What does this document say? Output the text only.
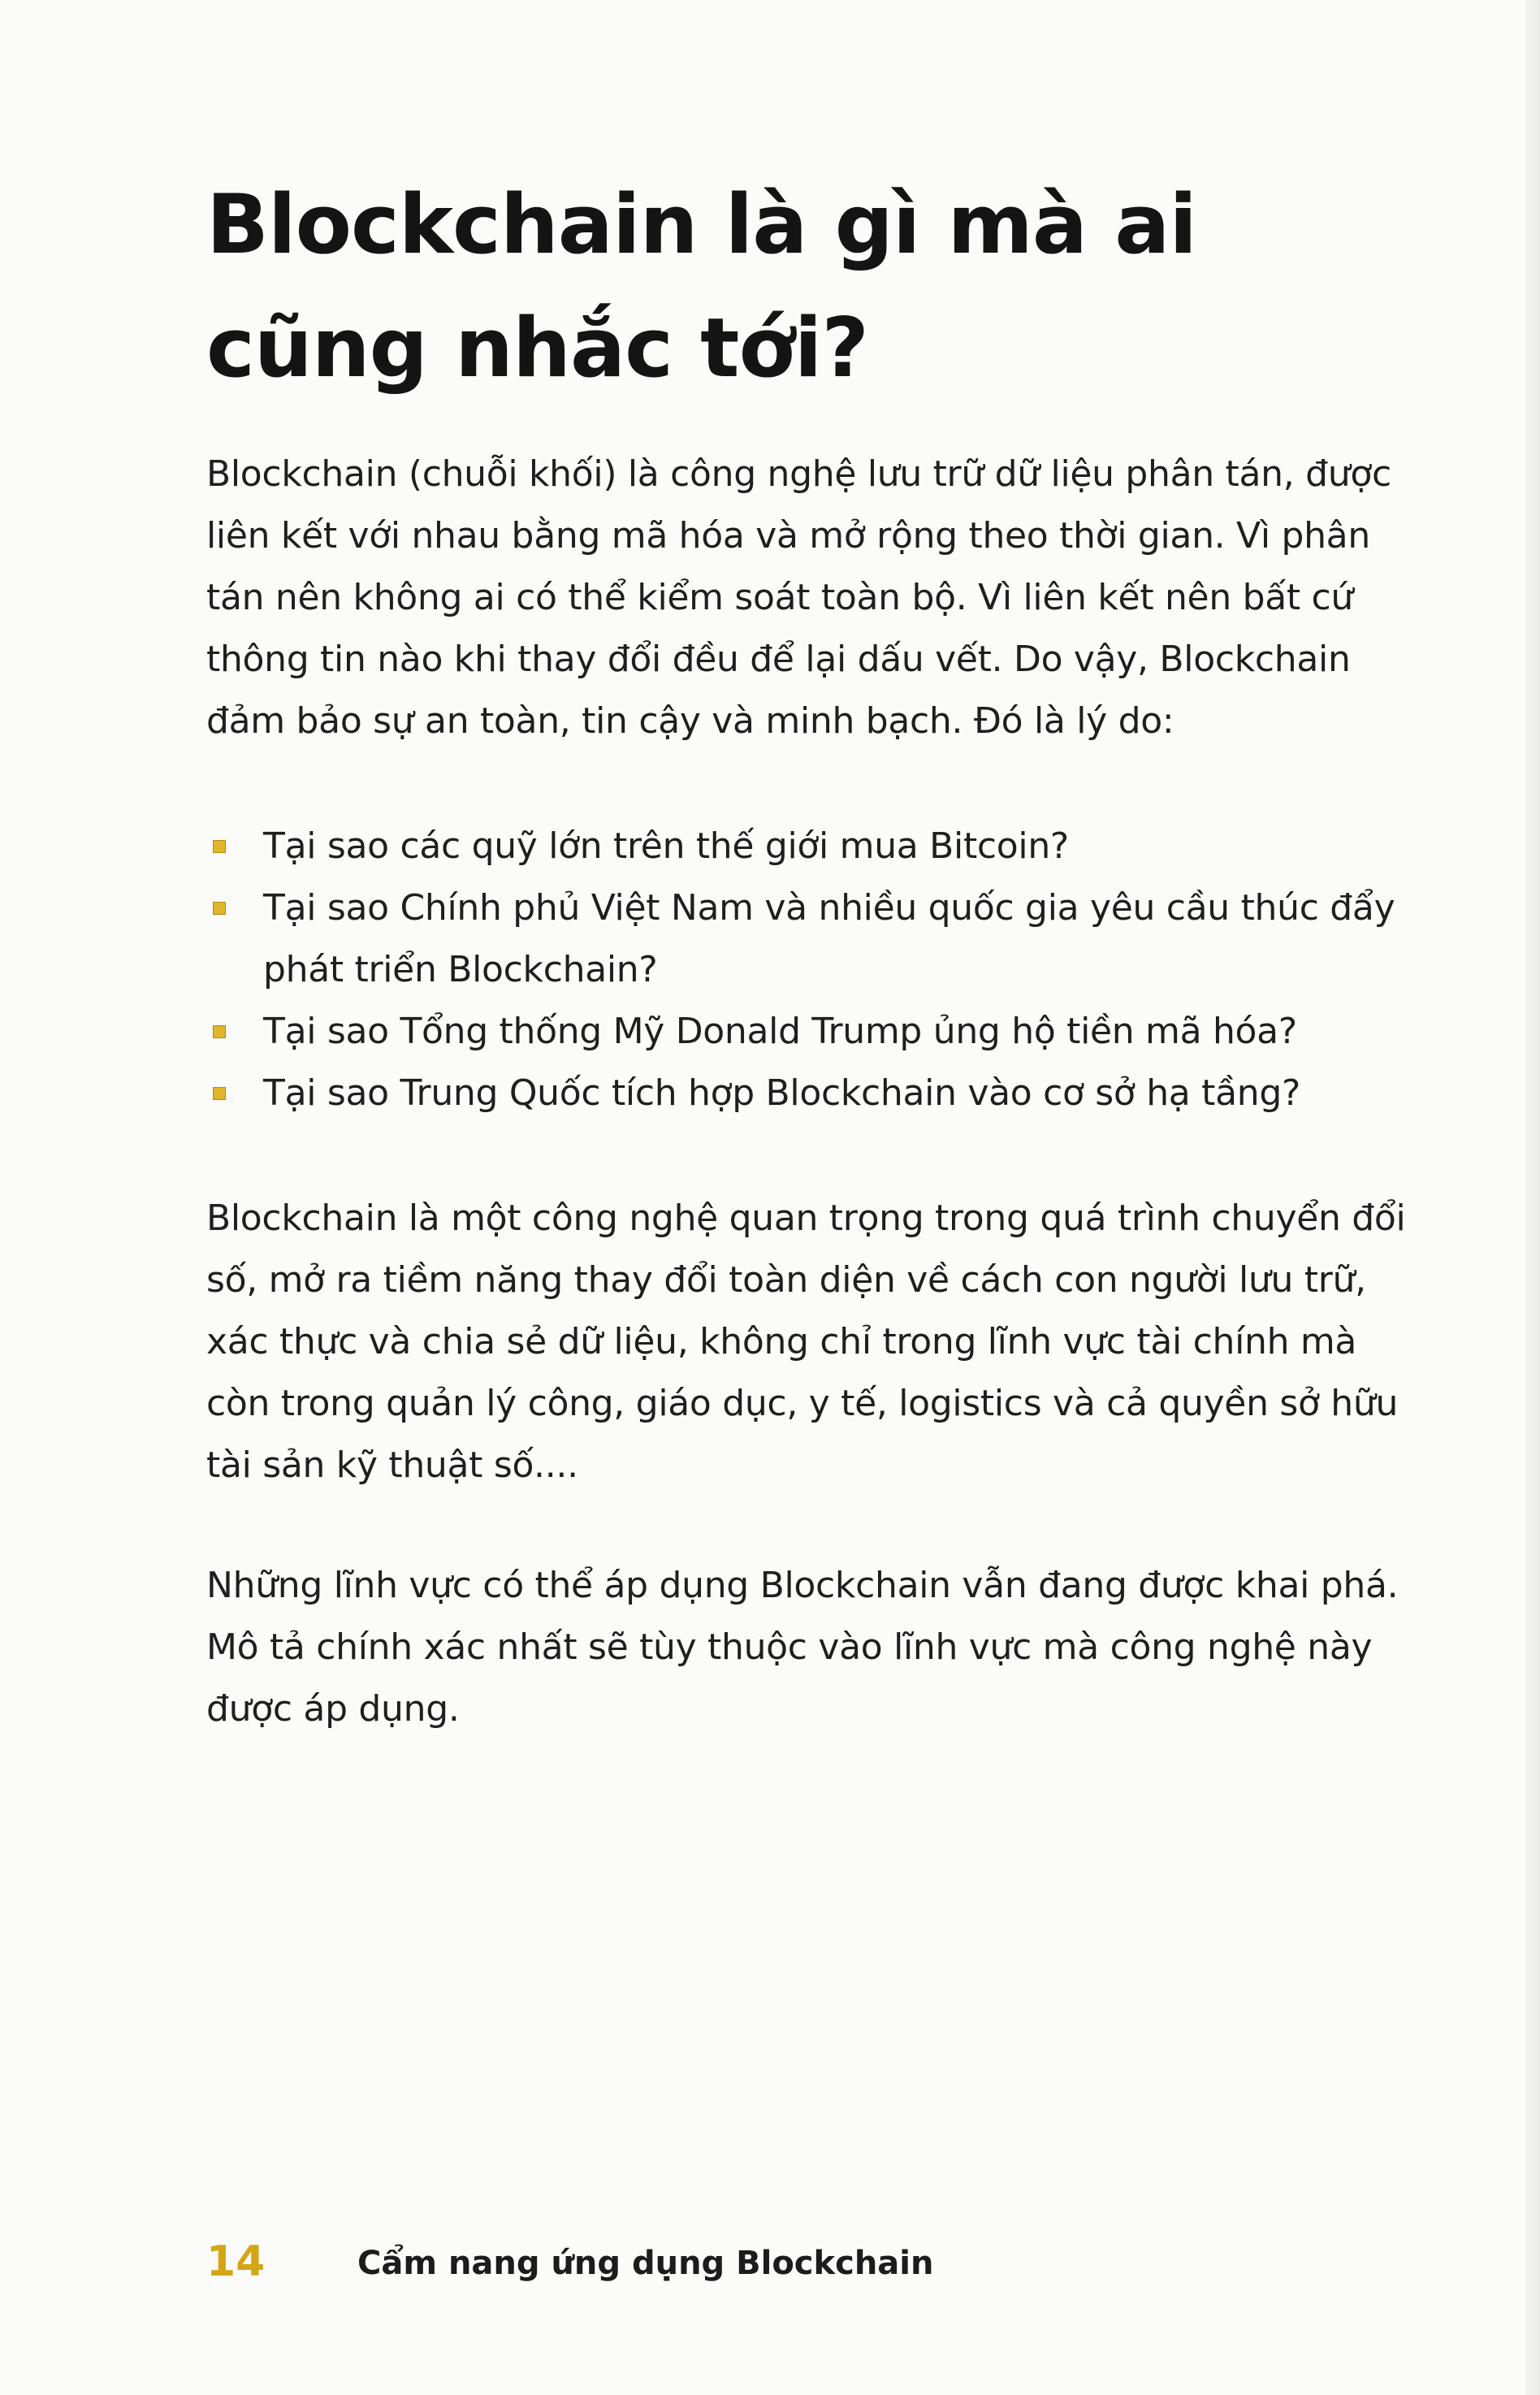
Blockchain là gì mà ai cũng nhắc tới?

Blockchain (chuỗi khối) là công nghệ lưu trữ dữ liệu phân tán, được liên kết với nhau bằng mã hóa và mở rộng theo thời gian. Vì phân tán nên không ai có thể kiểm soát toàn bộ. Vì liên kết nên bất cứ thông tin nào khi thay đổi đều để lại dấu vết. Do vậy, Blockchain đảm bảo sự an toàn, tin cậy và minh bạch. Đó là lý do:

Tại sao các quỹ lớn trên thế giới mua Bitcoin?
Tại sao Chính phủ Việt Nam và nhiều quốc gia yêu cầu thúc đẩy phát triển Blockchain?
Tại sao Tổng thống Mỹ Donald Trump ủng hộ tiền mã hóa?
Tại sao Trung Quốc tích hợp Blockchain vào cơ sở hạ tầng?

Blockchain là một công nghệ quan trọng trong quá trình chuyển đổi số, mở ra tiềm năng thay đổi toàn diện về cách con người lưu trữ, xác thực và chia sẻ dữ liệu, không chỉ trong lĩnh vực tài chính mà còn trong quản lý công, giáo dục, y tế, logistics và cả quyền sở hữu tài sản kỹ thuật số....

Những lĩnh vực có thể áp dụng Blockchain vẫn đang được khai phá. Mô tả chính xác nhất sẽ tùy thuộc vào lĩnh vực mà công nghệ này được áp dụng.

14	Cẩm nang ứng dụng Blockchain
